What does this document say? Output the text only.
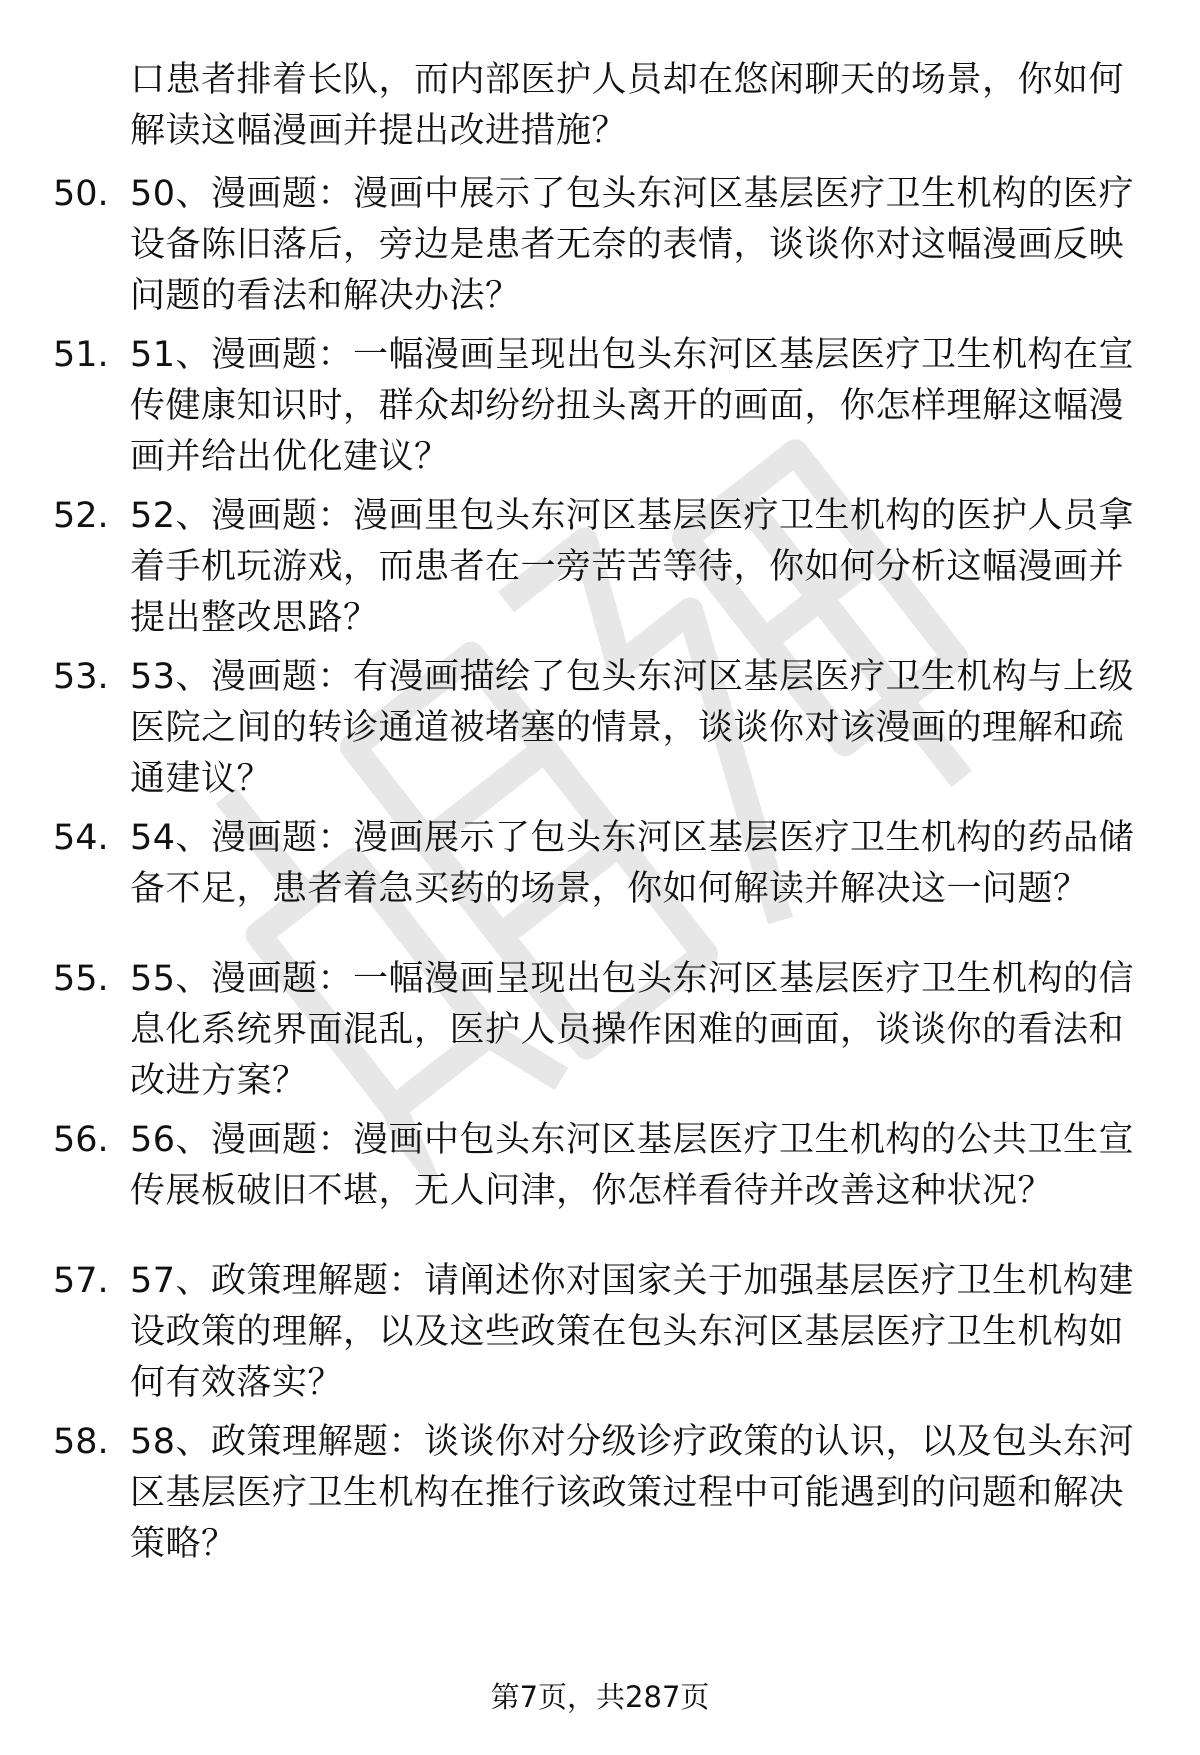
口患者排着长队，而内部医护人员却在悠闲聊天的场景，你如何解读这幅漫画并提出改进措施？

50. 50、漫画题：漫画中展示了包头东河区基层医疗卫生机构的医疗设备陈旧落后，旁边是患者无奈的表情，谈谈你对这幅漫画反映问题的看法和解决办法？

51. 51、漫画题：一幅漫画呈现出包头东河区基层医疗卫生机构在宣传健康知识时，群众却纷纷扭头离开的画面，你怎样理解这幅漫画并给出优化建议？

52. 52、漫画题：漫画里包头东河区基层医疗卫生机构的医护人员拿着手机玩游戏，而患者在一旁苦苦等待，你如何分析这幅漫画并提出整改思路？

53. 53、漫画题：有漫画描绘了包头东河区基层医疗卫生机构与上级医院之间的转诊通道被堵塞的情景，谈谈你对该漫画的理解和疏通建议？

54. 54、漫画题：漫画展示了包头东河区基层医疗卫生机构的药品储备不足，患者着急买药的场景，你如何解读并解决这一问题？

55. 55、漫画题：一幅漫画呈现出包头东河区基层医疗卫生机构的信息化系统界面混乱，医护人员操作困难的画面，谈谈你的看法和改进方案？

56. 56、漫画题：漫画中包头东河区基层医疗卫生机构的公共卫生宣传展板破旧不堪，无人问津，你怎样看待并改善这种状况？

57. 57、政策理解题：请阐述你对国家关于加强基层医疗卫生机构建设政策的理解，以及这些政策在包头东河区基层医疗卫生机构如何有效落实？

58. 58、政策理解题：谈谈你对分级诊疗政策的认识，以及包头东河区基层医疗卫生机构在推行该政策过程中可能遇到的问题和解决策略？

第7页，共287页
